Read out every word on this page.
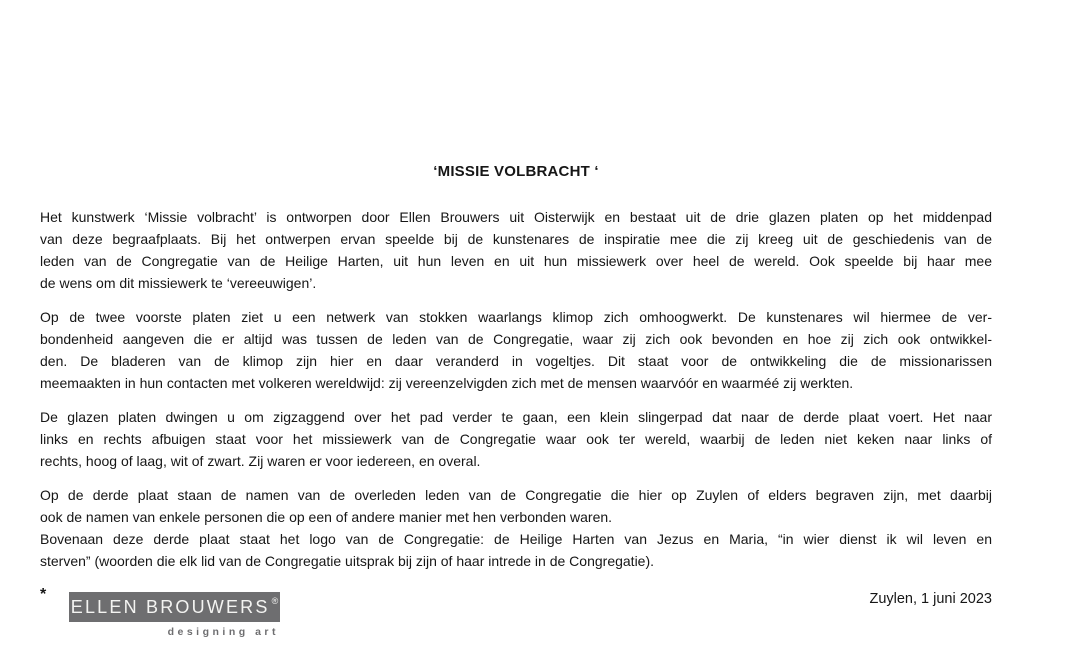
‘MISSIE VOLBRACHT ‘
Het kunstwerk ‘Missie volbracht’ is ontworpen door Ellen Brouwers uit Oisterwijk en bestaat uit de drie glazen platen op het middenpad
van deze begraafplaats. Bij het ontwerpen ervan speelde bij de kunstenares de inspiratie mee die zij kreeg uit de geschiedenis van de
leden van de Congregatie van de Heilige Harten, uit hun leven en uit hun missiewerk over heel de wereld. Ook speelde bij haar mee
de wens om dit missiewerk te ‘vereeuwigen’.
Op de twee voorste platen ziet u een netwerk van stokken waarlangs klimop zich omhoogwerkt. De kunstenares wil hiermee de ver-
bondenheid aangeven die er altijd was tussen de leden van de Congregatie, waar zij zich ook bevonden en hoe zij zich ook ontwikkel-
den. De bladeren van de klimop zijn hier en daar veranderd in vogeltjes. Dit staat voor de ontwikkeling die de missionarissen
meemaakten in hun contacten met volkeren wereldwijd: zij vereenzelvigden zich met de mensen waarvóór en waarméé zij werkten.
De glazen platen dwingen u om zigzaggend over het pad verder te gaan, een klein slingerpad dat naar de derde plaat voert. Het naar
links en rechts afbuigen staat voor het missiewerk van de Congregatie waar ook ter wereld, waarbij de leden niet keken naar links of
rechts, hoog of laag, wit of zwart. Zij waren er voor iedereen, en overal.
Op de derde plaat staan de namen van de overleden leden van de Congregatie die hier op Zuylen of elders begraven zijn, met daarbij
ook de namen van enkele personen die op een of andere manier met hen verbonden waren.
Bovenaan deze derde plaat staat het logo van de Congregatie: de Heilige Harten van Jezus en Maria, “in wier dienst ik wil leven en
sterven” (woorden die elk lid van de Congregatie uitsprak bij zijn of haar intrede in de Congregatie).
*
ELLEN BROUWERS®
designing art
Zuylen, 1 juni 2023
